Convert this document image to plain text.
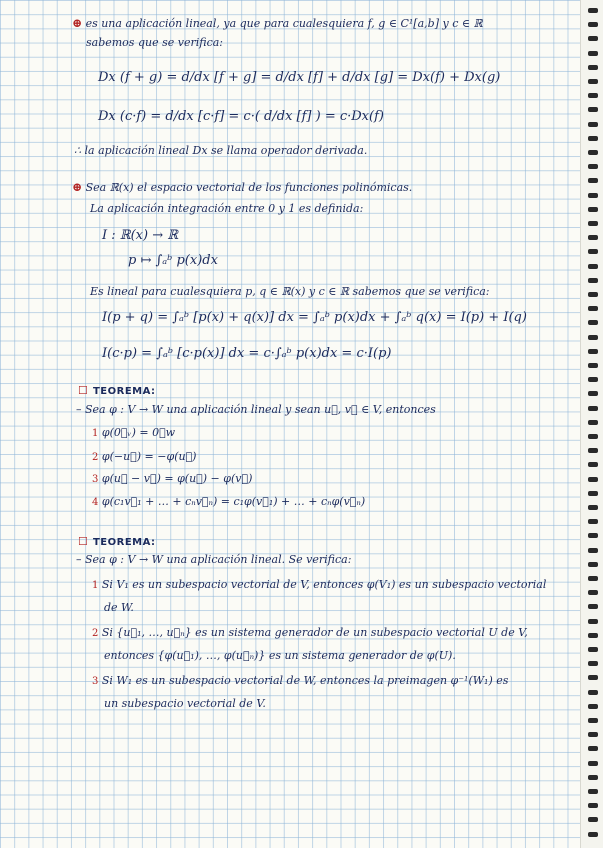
⊕ es una aplicación lineal, ya que para cualesquiera f, g ∈ C¹[a,b] y c ∈ ℝ
sabemos que se verifica:
Dx (f + g) = d/dx [f + g] = d/dx [f] + d/dx [g] = Dx(f) + Dx(g)
Dx (c·f) = d/dx [c·f] = c·( d/dx [f] ) = c·Dx(f)
∴ la aplicación lineal Dx se llama operador derivada.
⊕ Sea ℝ(x) el espacio vectorial de los funciones polinómicas.
La aplicación integración entre 0 y 1 es definida:
I : ℝ(x) → ℝ
p ↦ ∫ₐᵇ p(x)dx
Es lineal para cualesquiera p, q ∈ ℝ(x) y c ∈ ℝ sabemos que se verifica:
I(p + q) = ∫ₐᵇ [p(x) + q(x)] dx = ∫ₐᵇ p(x)dx + ∫ₐᵇ q(x) = I(p) + I(q)
I(c·p) = ∫ₐᵇ [c·p(x)] dx = c·∫ₐᵇ p(x)dx = c·I(p)
☐ TEOREMA:
– Sea φ : V → W una aplicación lineal y sean u⃗, v⃗ ∈ V, entonces
1 φ(0⃗ᵥ) = 0⃗w
2 φ(−u⃗) = −φ(u⃗)
3 φ(u⃗ − v⃗) = φ(u⃗) − φ(v⃗)
4 φ(c₁v⃗₁ + … + cₙv⃗ₙ) = c₁φ(v⃗₁) + … + cₙφ(v⃗ₙ)
☐ TEOREMA:
– Sea φ : V → W una aplicación lineal. Se verifica:
1 Si V₁ es un subespacio vectorial de V, entonces φ(V₁) es un subespacio vectorial
de W.
2 Si {u⃗₁, …, u⃗ₙ} es un sistema generador de un subespacio vectorial U de V,
entonces {φ(u⃗₁), …, φ(u⃗ₙ)} es un sistema generador de φ(U).
3 Si W₁ es un subespacio vectorial de W, entonces la preimagen φ⁻¹(W₁) es
un subespacio vectorial de V.
